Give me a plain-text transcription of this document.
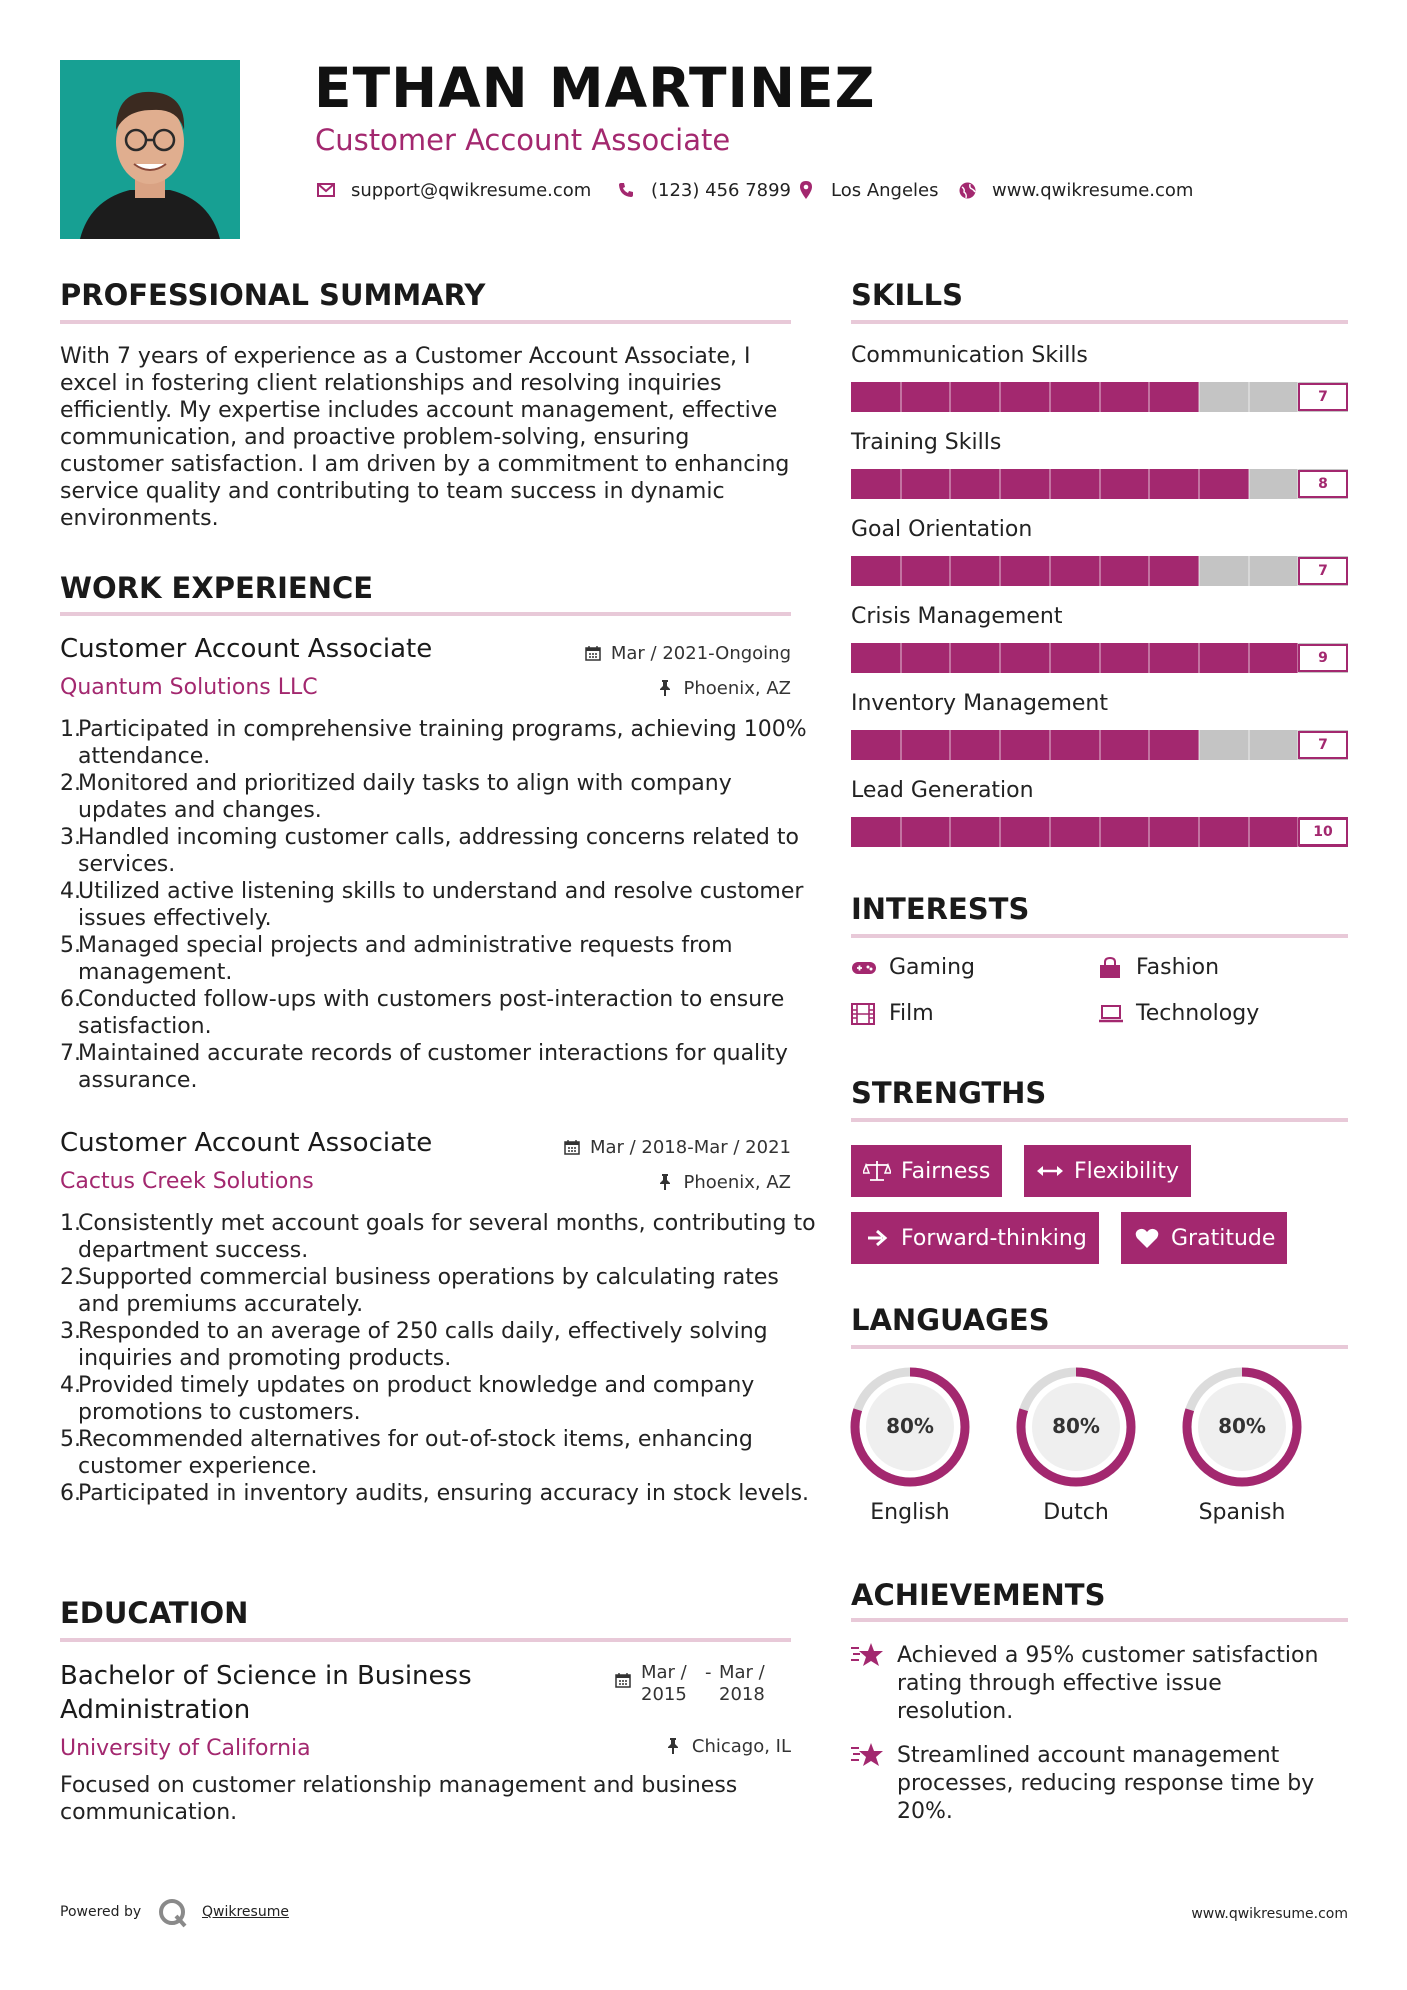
ETHAN MARTINEZ
Customer Account Associate
support@qwikresume.com	(123) 456 7899 Los Angeles	www.qwikresume.com
PROFESSIONAL SUMMARY
With 7 years of experience as a Customer Account Associate, I excel in fostering client relationships and resolving inquiries efficiently. My expertise includes account management, effective communication, and proactive problem-solving, ensuring customer satisfaction. I am driven by a commitment to enhancing service quality and contributing to team success in dynamic environments.
WORK EXPERIENCE
Customer Account Associate	Mar / 2021-Ongoing
Quantum Solutions LLC	Phoenix, AZ
1.
Participated in comprehensive training programs, achieving 100% attendance.
2.
Monitored and prioritized daily tasks to align with company updates and changes.
3.
Handled incoming customer calls, addressing concerns related to services.
4.
Utilized active listening skills to understand and resolve customer issues effectively.
5.
Managed special projects and administrative requests from management.
6.
Conducted follow-ups with customers post-interaction to ensure satisfaction.
7.
Maintained accurate records of customer interactions for quality assurance.
Customer Account Associate	Mar / 2018-Mar / 2021
Cactus Creek Solutions	Phoenix, AZ
1.
Consistently met account goals for several months, contributing to department success.
2.
Supported commercial business operations by calculating rates and premiums accurately.
3.
Responded to an average of 250 calls daily, effectively solving inquiries and promoting products.
4.
Provided timely updates on product knowledge and company promotions to customers.
5.
Recommended alternatives for out-of-stock items, enhancing customer experience.
6.
Participated in inventory audits, ensuring accuracy in stock levels.
EDUCATION
Bachelor of Science in Business Administration
Mar / 2015
- Mar / 2018
University of California	Chicago, IL
Focused on customer relationship management and business communication.
SKILLS
Communication Skills
7
Training Skills
8
Goal Orientation
7
Crisis Management
9
Inventory Management
7
Lead Generation
10
INTERESTS
Gaming	Fashion
Film	Technology
STRENGTHS
Fairness	Flexibility
Forward-thinking	Gratitude
LANGUAGES
80%
English
80%
Dutch
80%
Spanish
ACHIEVEMENTS
Achieved a 95% customer satisfaction rating through effective issue resolution.
Streamlined account management processes, reducing response time by 20%.
Powered by	Qwikresume	www.qwikresume.com
